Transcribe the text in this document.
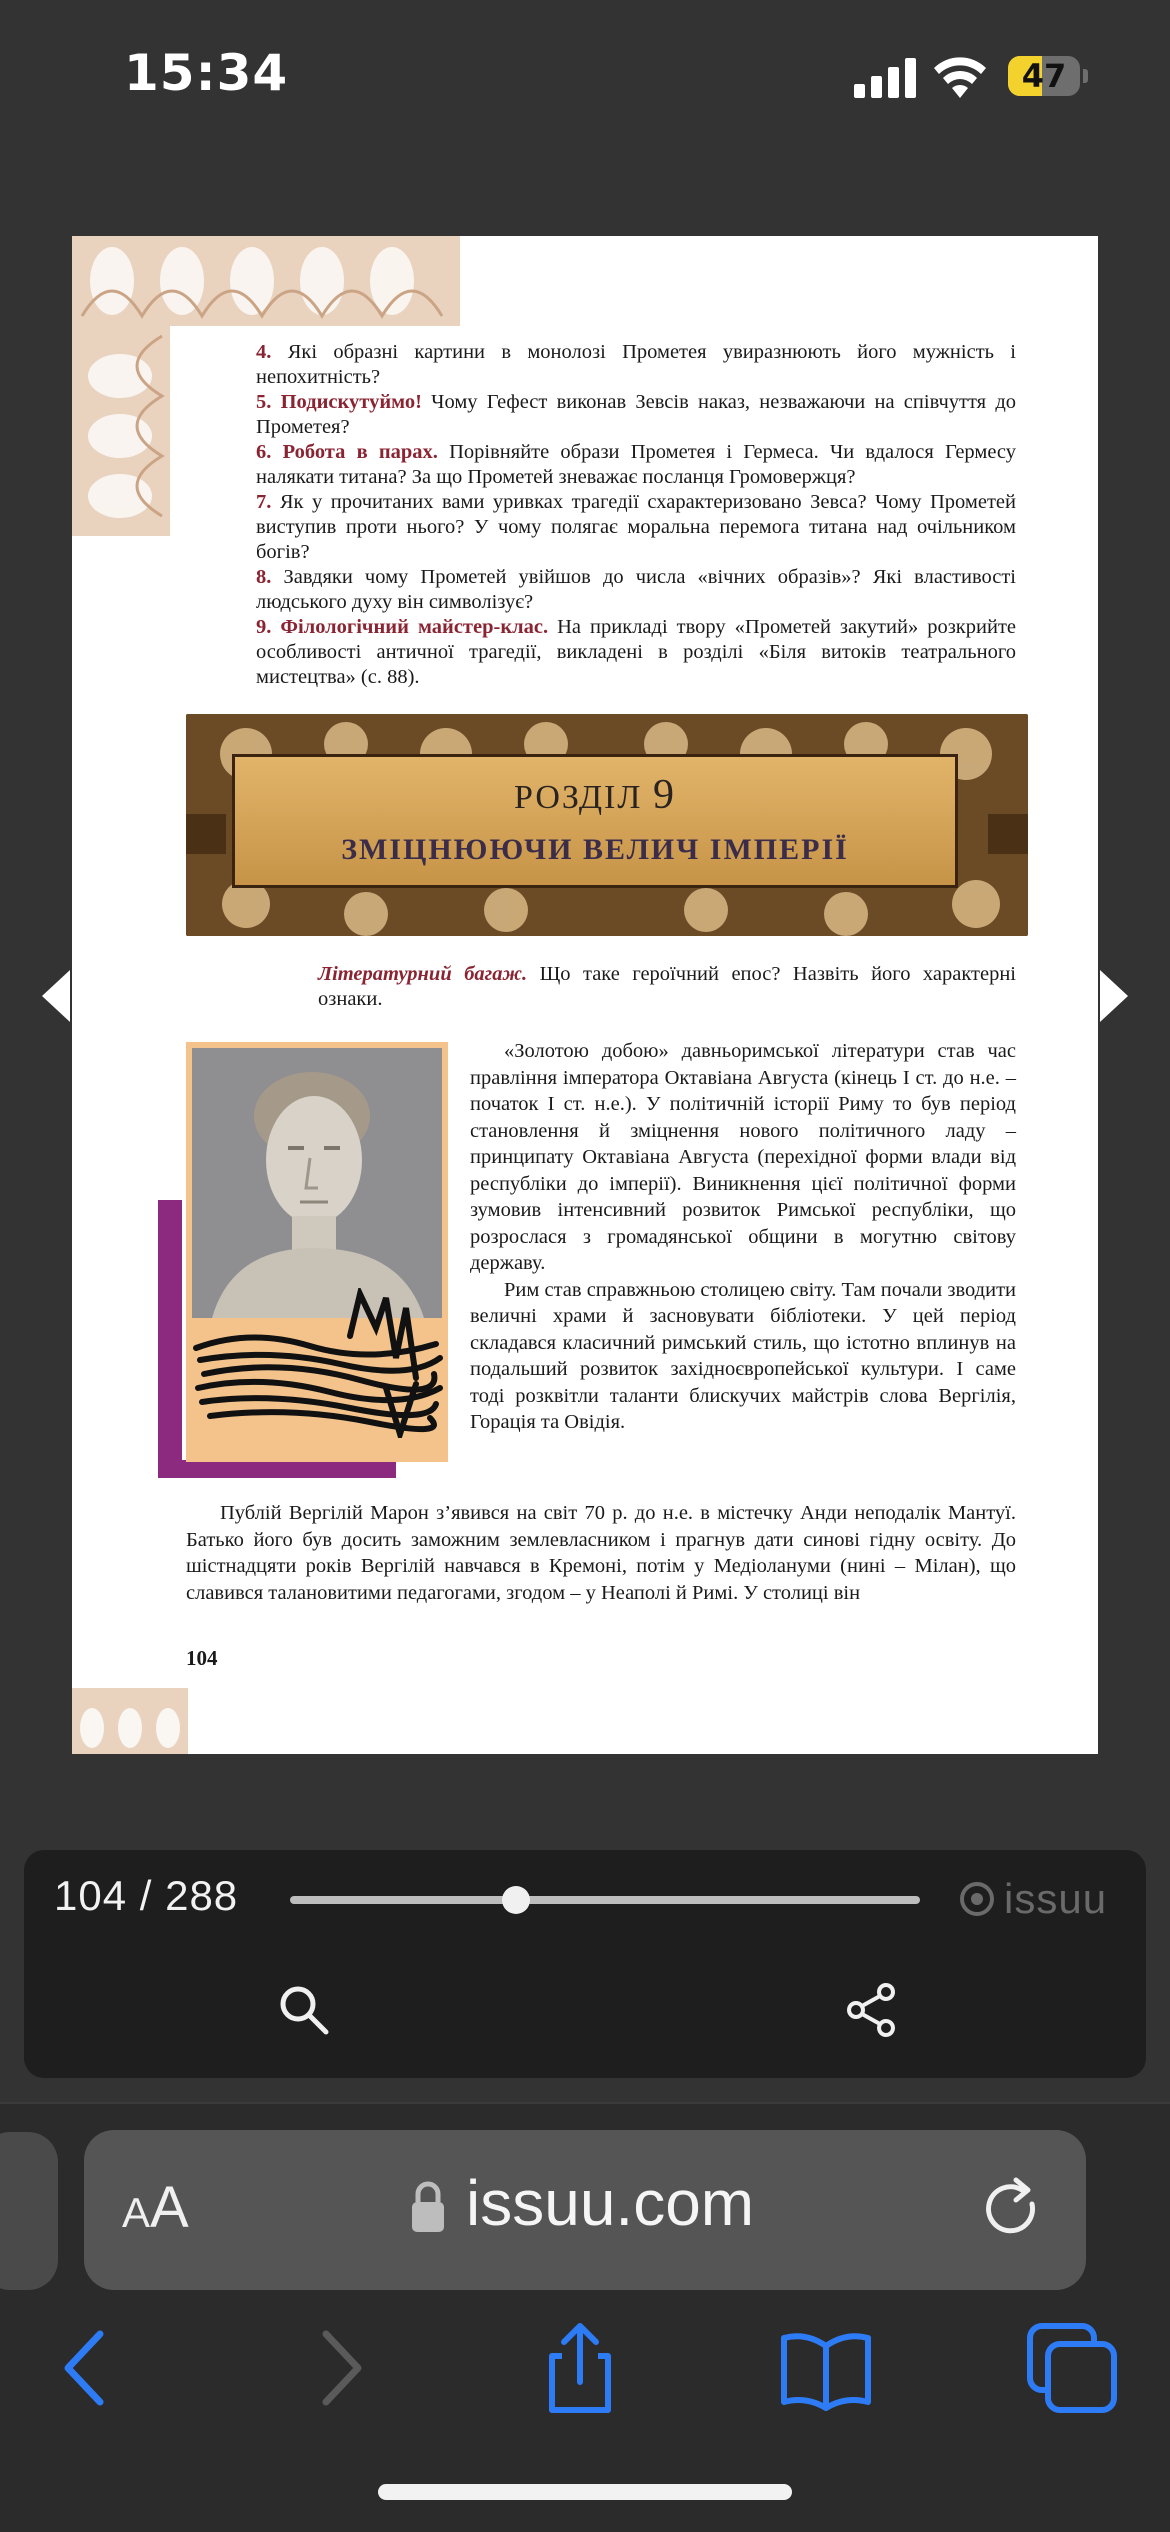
15:34	47

4. Які образні картини в монолозі Прометея увиразнюють його мужність і непохитність?

5. Подискутуймо! Чому Гефест виконав Зевсів наказ, незважаючи на співчуття до Прометея?

6. Робота в парах. Порівняйте образи Прометея і Гермеса. Чи вдалося Гермесу налякати титана? За що Прометей зневажає посланця Громовержця?

7. Як у прочитаних вами уривках трагедії схарактеризовано Зевса? Чому Прометей виступив проти нього? У чому полягає моральна перемога титана над очільником богів?

8. Завдяки чому Прометей увійшов до числа «вічних образів»? Які властивості людського духу він символізує?

9. Філологічний майстер-клас. На прикладі твору «Прометей закутий» розкрийте особливості античної трагедії, викладені в розділі «Біля витоків театрального мистецтва» (с. 88).

РОЗДІЛ 9
ЗМІЦНЮЮЧИ ВЕЛИЧ ІМПЕРІЇ
Літературний багаж. Що таке героїчний епос? Назвіть його характерні ознаки.

«Золотою добою» давньоримської літератури став час правління імператора Октавіана Августа (кінець І ст. до н.е. – початок І ст. н.е.). У політичній історії Риму то був період становлення й зміцнення нового політичного ладу – принципату Октавіана Августа (перехідної форми влади від республіки до імперії). Виникнення цієї політичної форми зумовив інтенсивний розвиток Римської республіки, що розрослася з громадянської общини в могутню світову державу.

Рим став справжньою столицею світу. Там почали зводити величні храми й засновувати бібліотеки. У цей період складався класичний римський стиль, що істотно вплинув на подальший розвиток західноєвропейської культури. І саме тоді розквітли таланти блискучих майстрів слова Вергілія, Горація та Овідія.

Публій Вергілій Марон з’явився на світ 70 р. до н.е. в містечку Анди неподалік Мантуї. Батько його був досить заможним землевласником і прагнув дати синові гідну освіту. До шістнадцяти років Вергілій навчався в Кремоні, потім у Медіолануми (нині – Мілан), що славився талановитими педагогами, згодом – у Неаполі й Римі. У столиці він
104
104 / 288	issuu
AA	issuu.com
